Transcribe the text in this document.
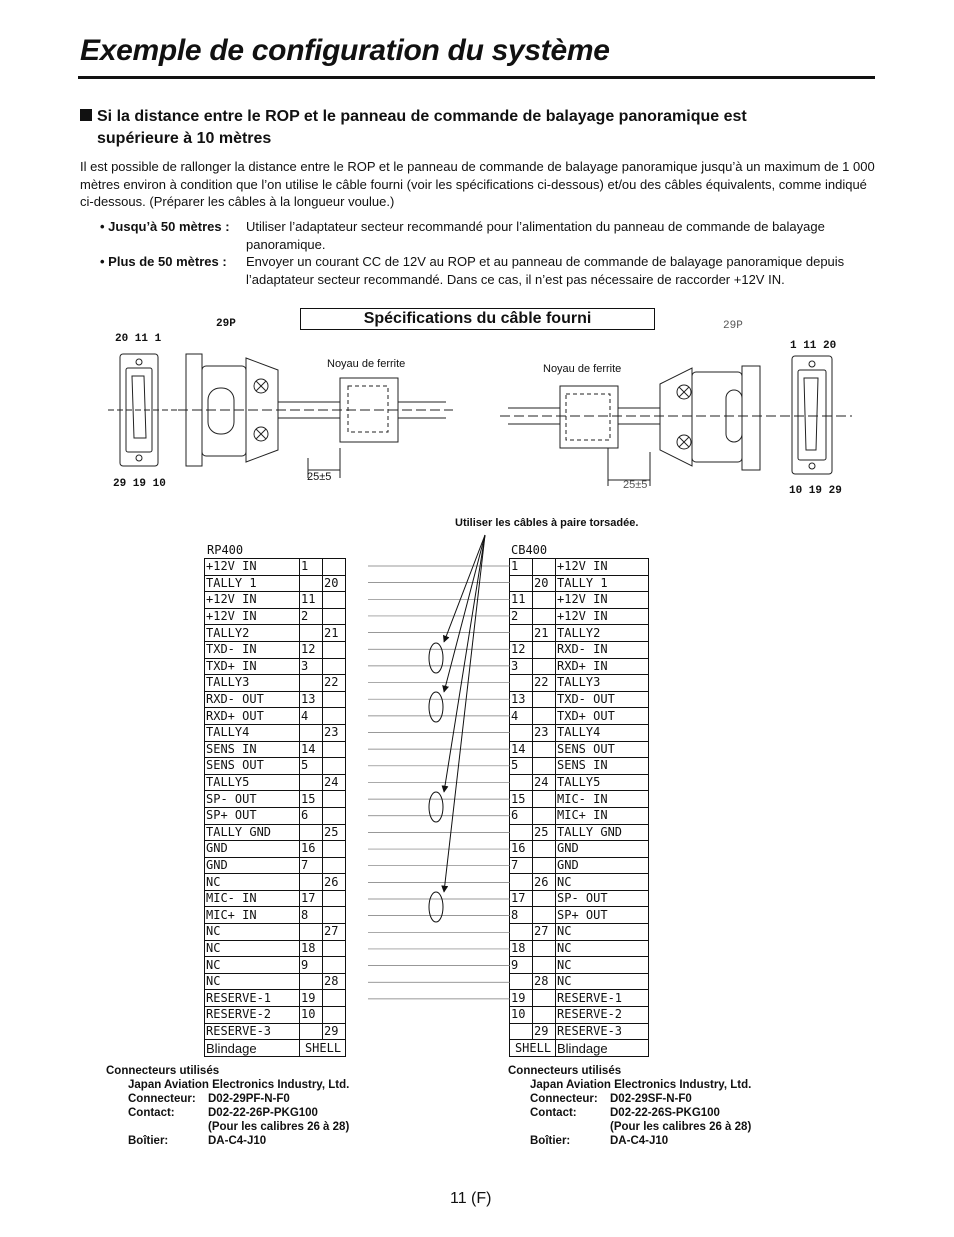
Exemple de configuration du système
Si la distance entre le ROP et le panneau de commande de balayage panoramique est
supérieure à 10 mètres
Il est possible de rallonger la distance entre le ROP et le panneau de commande de balayage panoramique jusqu’à un maximum de 1 000 mètres environ à condition que l’on utilise le câble fourni (voir les spécifications ci-dessous) et/ou des câbles équivalents, comme indiqué ci-dessous. (Préparer les câbles à la longueur voulue.)
• Jusqu’à 50 mètres : Utiliser l’adaptateur secteur recommandé pour l’alimentation du panneau de commande de balayage panoramique.
• Plus de 50 mètres : Envoyer un courant CC de 12V au ROP et au panneau de commande de balayage panoramique depuis l’adaptateur secteur recommandé. Dans ce cas, il n’est pas nécessaire de raccorder +12V IN.
Spécifications du câble fourni
20 11 1
29 19 10
29P
Noyau de ferrite
25±5
29P
1 11 20
10 19 29
Noyau de ferrite
25±5
Utiliser les câbles à paire torsadée.
RP400	CB400
+12V IN	1	
TALLY 1		20
+12V IN	11	
+12V IN	2	
TALLY2		21
TXD- IN	12	
TXD+ IN	3	
TALLY3		22
RXD- OUT	13	
RXD+ OUT	4	
TALLY4		23
SENS IN	14	
SENS OUT	5	
TALLY5		24
SP- OUT	15	
SP+ OUT	6	
TALLY GND		25
GND	16	
GND	7	
NC		26
MIC- IN	17	
MIC+ IN	8	
NC		27
NC	18	
NC	9	
NC		28
RESERVE-1	19	
RESERVE-2	10	
RESERVE-3		29
Blindage	SHELL	
1		+12V IN
	20	TALLY 1
11		+12V IN
2		+12V IN
	21	TALLY2
12		RXD- IN
3		RXD+ IN
	22	TALLY3
13		TXD- OUT
4		TXD+ OUT
	23	TALLY4
14		SENS OUT
5		SENS IN
	24	TALLY5
15		MIC- IN
6		MIC+ IN
	25	TALLY GND
16		GND
7		GND
	26	NC
17		SP- OUT
8		SP+ OUT
	27	NC
18		NC
9		NC
	28	NC
19		RESERVE-1
10		RESERVE-2
	29	RESERVE-3
SHELL		Blindage
Connecteurs utilisés
Japan Aviation Electronics Industry, Ltd.
Connecteur: D02-29PF-N-F0
Contact:	D02-22-26P-PKG100
(Pour les calibres 26 à 28)
Boîtier:	DA-C4-J10
Connecteurs utilisés
Japan Aviation Electronics Industry, Ltd.
Connecteur: D02-29SF-N-F0
Contact:	D02-22-26S-PKG100
(Pour les calibres 26 à 28)
Boîtier:	DA-C4-J10
11 (F)
